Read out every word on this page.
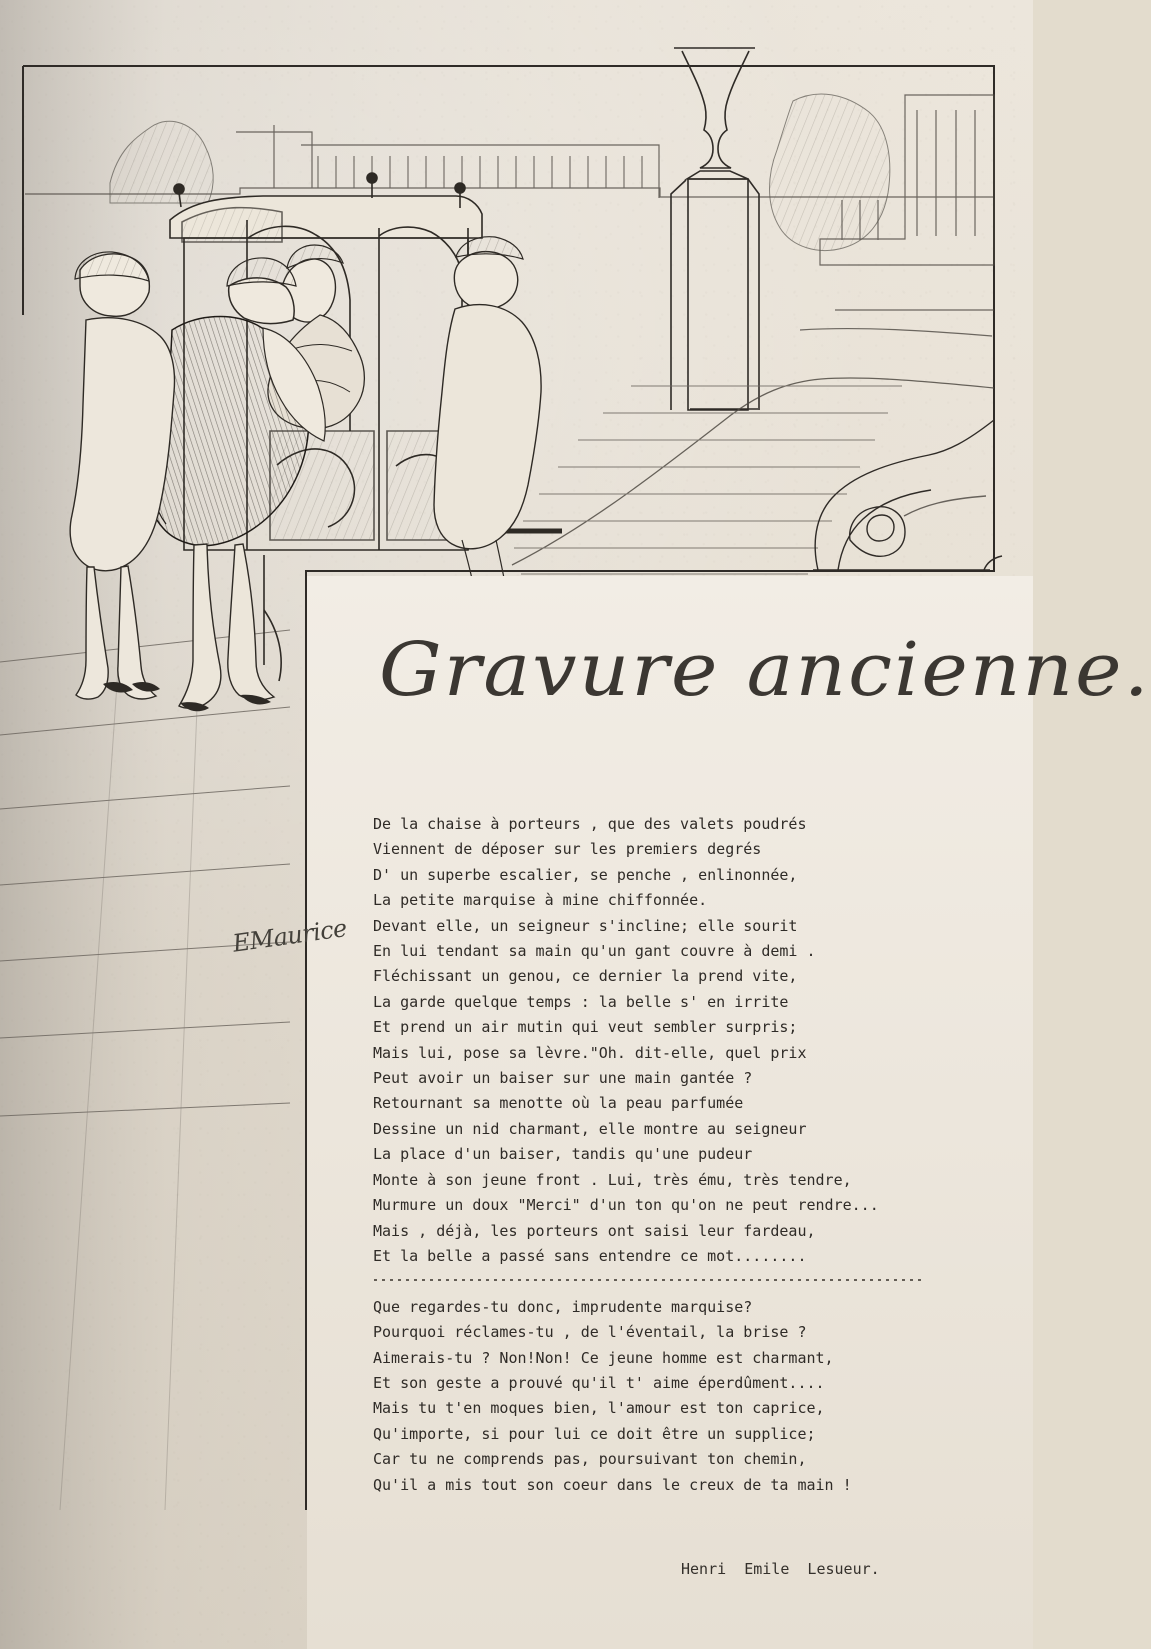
EMaurice
Gravure ancienne.

De la chaise à porteurs , que des valets poudrés

Viennent de déposer sur les premiers degrés

D' un superbe escalier, se penche , enlinonnée,

La petite marquise à mine chiffonnée.

Devant elle, un seigneur s'incline; elle sourit

En lui tendant sa main qu'un gant couvre à demi .

Fléchissant un genou, ce dernier la prend vite,

La garde quelque temps : la belle s' en irrite

Et prend un air mutin qui veut sembler surpris;

Mais lui, pose sa lèvre."Oh. dit-elle, quel prix

Peut avoir un baiser sur une main gantée ?

Retournant sa menotte où la peau parfumée

Dessine un nid charmant, elle montre au seigneur

La place d'un baiser, tandis qu'une pudeur

Monte à son jeune front . Lui, très ému, très tendre,

Murmure un doux "Merci" d'un ton qu'on ne peut rendre...

Mais , déjà, les porteurs ont saisi leur fardeau,

Et la belle a passé sans entendre ce mot........

Que regardes-tu donc, imprudente marquise?

Pourquoi réclames-tu , de l'éventail, la brise ?

Aimerais-tu ? Non!Non! Ce jeune homme est charmant,

Et son geste a prouvé qu'il t' aime éperdûment....

Mais tu t'en moques bien, l'amour est ton caprice,

Qu'importe, si pour lui ce doit être un supplice;

Car tu ne comprends pas, poursuivant ton chemin,

Qu'il a mis tout son coeur dans le creux de ta main !

Henri  Emile  Lesueur.
